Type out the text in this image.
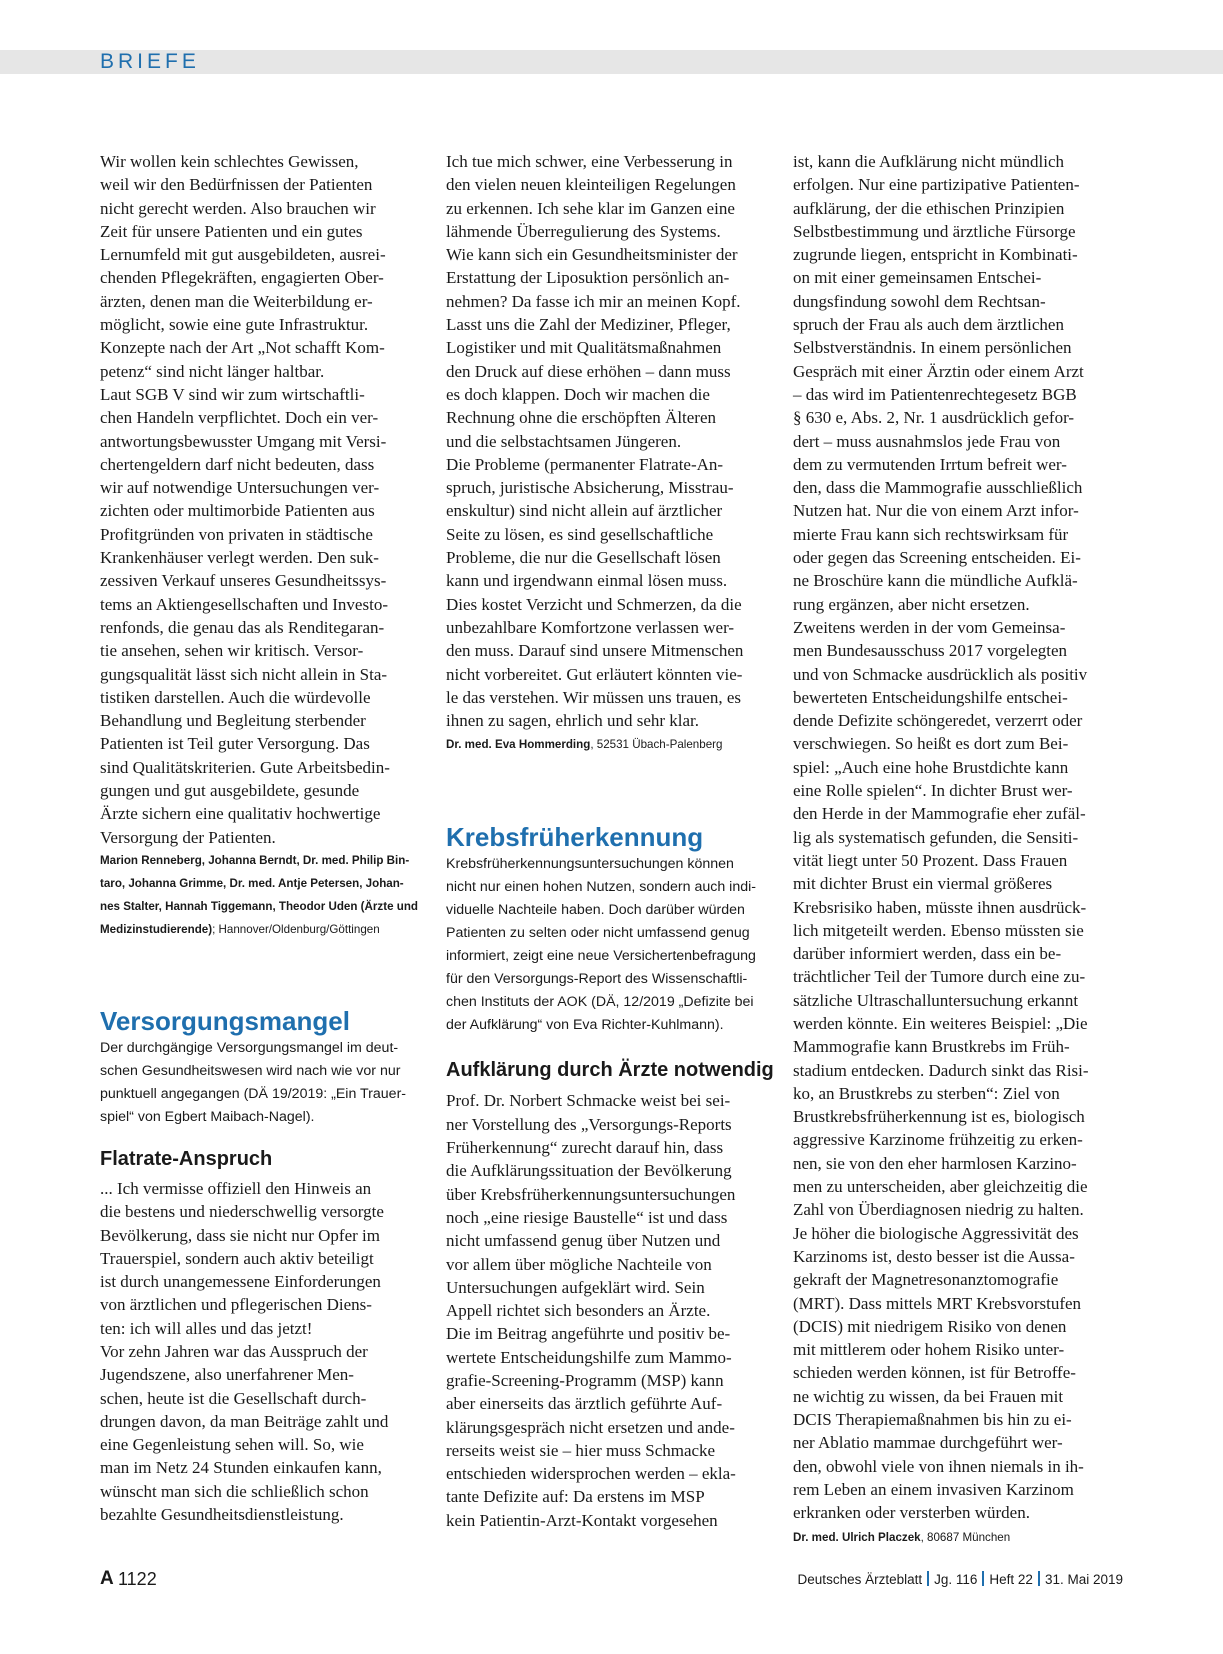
BRIEFE
Wir wollen kein schlechtes Gewissen,
weil wir den Bedürfnissen der Patienten
nicht gerecht werden. Also brauchen wir
Zeit für unsere Patienten und ein gutes
Lernumfeld mit gut ausgebildeten, ausrei-
chenden Pflegekräften, engagierten Ober-
ärzten, denen man die Weiterbildung er-
möglicht, sowie eine gute Infrastruktur.
Konzepte nach der Art „Not schafft Kom-
petenz“ sind nicht länger haltbar.
Laut SGB V sind wir zum wirtschaftli-
chen Handeln verpflichtet. Doch ein ver-
antwortungsbewusster Umgang mit Versi-
chertengeldern darf nicht bedeuten, dass
wir auf notwendige Untersuchungen ver-
zichten oder multimorbide Patienten aus
Profitgründen von privaten in städtische
Krankenhäuser verlegt werden. Den suk-
zessiven Verkauf unseres Gesundheitssys-
tems an Aktiengesellschaften und Investo-
renfonds, die genau das als Renditegaran-
tie ansehen, sehen wir kritisch. Versor-
gungsqualität lässt sich nicht allein in Sta-
tistiken darstellen. Auch die würdevolle
Behandlung und Begleitung sterbender
Patienten ist Teil guter Versorgung. Das
sind Qualitätskriterien. Gute Arbeitsbedin-
gungen und gut ausgebildete, gesunde
Ärzte sichern eine qualitativ hochwertige
Versorgung der Patienten.
Marion Renneberg, Johanna Berndt, Dr. med. Philip Bin-
taro, Johanna Grimme, Dr. med. Antje Petersen, Johan-
nes Stalter, Hannah Tiggemann, Theodor Uden (Ärzte und
Medizinstudierende); Hannover/Oldenburg/Göttingen
Versorgungsmangel
Der durchgängige Versorgungsmangel im deut-
schen Gesundheitswesen wird nach wie vor nur
punktuell angegangen (DÄ 19/2019: „Ein Trauer-
spiel“ von Egbert Maibach-Nagel).
Flatrate-Anspruch
... Ich vermisse offiziell den Hinweis an
die bestens und niederschwellig versorgte
Bevölkerung, dass sie nicht nur Opfer im
Trauerspiel, sondern auch aktiv beteiligt
ist durch unangemessene Einforderungen
von ärztlichen und pflegerischen Diens-
ten: ich will alles und das jetzt!
Vor zehn Jahren war das Ausspruch der
Jugendszene, also unerfahrener Men-
schen, heute ist die Gesellschaft durch-
drungen davon, da man Beiträge zahlt und
eine Gegenleistung sehen will. So, wie
man im Netz 24 Stunden einkaufen kann,
wünscht man sich die schließlich schon
bezahlte Gesundheitsdienstleistung.
Ich tue mich schwer, eine Verbesserung in
den vielen neuen kleinteiligen Regelungen
zu erkennen. Ich sehe klar im Ganzen eine
lähmende Überregulierung des Systems.
Wie kann sich ein Gesundheitsminister der
Erstattung der Liposuktion persönlich an-
nehmen? Da fasse ich mir an meinen Kopf.
Lasst uns die Zahl der Mediziner, Pfleger,
Logistiker und mit Qualitätsmaßnahmen
den Druck auf diese erhöhen – dann muss
es doch klappen. Doch wir machen die
Rechnung ohne die erschöpften Älteren
und die selbstachtsamen Jüngeren.
Die Probleme (permanenter Flatrate-An-
spruch, juristische Absicherung, Misstrau-
enskultur) sind nicht allein auf ärztlicher
Seite zu lösen, es sind gesellschaftliche
Probleme, die nur die Gesellschaft lösen
kann und irgendwann einmal lösen muss.
Dies kostet Verzicht und Schmerzen, da die
unbezahlbare Komfortzone verlassen wer-
den muss. Darauf sind unsere Mitmenschen
nicht vorbereitet. Gut erläutert könnten vie-
le das verstehen. Wir müssen uns trauen, es
ihnen zu sagen, ehrlich und sehr klar.
Dr. med. Eva Hommerding, 52531 Übach-Palenberg
Krebsfrüherkennung
Krebsfrüherkennungsuntersuchungen können
nicht nur einen hohen Nutzen, sondern auch indi-
viduelle Nachteile haben. Doch darüber würden
Patienten zu selten oder nicht umfassend genug
informiert, zeigt eine neue Versichertenbefragung
für den Versorgungs-Report des Wissenschaftli-
chen Instituts der AOK (DÄ, 12/2019 „Defizite bei
der Aufklärung“ von Eva Richter-Kuhlmann).
Aufklärung durch Ärzte notwendig
Prof. Dr. Norbert Schmacke weist bei sei-
ner Vorstellung des „Versorgungs-Reports
Früherkennung“ zurecht darauf hin, dass
die Aufklärungssituation der Bevölkerung
über Krebsfrüherkennungsuntersuchungen
noch „eine riesige Baustelle“ ist und dass
nicht umfassend genug über Nutzen und
vor allem über mögliche Nachteile von
Untersuchungen aufgeklärt wird. Sein
Appell richtet sich besonders an Ärzte.
Die im Beitrag angeführte und positiv be-
wertete Entscheidungshilfe zum Mammo-
grafie-Screening-Programm (MSP) kann
aber einerseits das ärztlich geführte Auf-
klärungsgespräch nicht ersetzen und ande-
rerseits weist sie – hier muss Schmacke
entschieden widersprochen werden – ekla-
tante Defizite auf: Da erstens im MSP
kein Patientin-Arzt-Kontakt vorgesehen
ist, kann die Aufklärung nicht mündlich
erfolgen. Nur eine partizipative Patienten-
aufklärung, der die ethischen Prinzipien
Selbstbestimmung und ärztliche Fürsorge
zugrunde liegen, entspricht in Kombinati-
on mit einer gemeinsamen Entschei-
dungsfindung sowohl dem Rechtsan-
spruch der Frau als auch dem ärztlichen
Selbstverständnis. In einem persönlichen
Gespräch mit einer Ärztin oder einem Arzt
– das wird im Patientenrechtegesetz BGB
§ 630 e, Abs. 2, Nr. 1 ausdrücklich gefor-
dert – muss ausnahmslos jede Frau von
dem zu vermutenden Irrtum befreit wer-
den, dass die Mammografie ausschließlich
Nutzen hat. Nur die von einem Arzt infor-
mierte Frau kann sich rechtswirksam für
oder gegen das Screening entscheiden. Ei-
ne Broschüre kann die mündliche Aufklä-
rung ergänzen, aber nicht ersetzen.
Zweitens werden in der vom Gemeinsa-
men Bundesausschuss 2017 vorgelegten
und von Schmacke ausdrücklich als positiv
bewerteten Entscheidungshilfe entschei-
dende Defizite schöngeredet, verzerrt oder
verschwiegen. So heißt es dort zum Bei-
spiel: „Auch eine hohe Brustdichte kann
eine Rolle spielen“. In dichter Brust wer-
den Herde in der Mammografie eher zufäl-
lig als systematisch gefunden, die Sensiti-
vität liegt unter 50 Prozent. Dass Frauen
mit dichter Brust ein viermal größeres
Krebsrisiko haben, müsste ihnen ausdrück-
lich mitgeteilt werden. Ebenso müssten sie
darüber informiert werden, dass ein be-
trächtlicher Teil der Tumore durch eine zu-
sätzliche Ultraschalluntersuchung erkannt
werden könnte. Ein weiteres Beispiel: „Die
Mammografie kann Brustkrebs im Früh-
stadium entdecken. Dadurch sinkt das Risi-
ko, an Brustkrebs zu sterben“: Ziel von
Brustkrebsfrüherkennung ist es, biologisch
aggressive Karzinome frühzeitig zu erken-
nen, sie von den eher harmlosen Karzino-
men zu unterscheiden, aber gleichzeitig die
Zahl von Überdiagnosen niedrig zu halten.
Je höher die biologische Aggressivität des
Karzinoms ist, desto besser ist die Aussa-
gekraft der Magnetresonanztomografie
(MRT). Dass mittels MRT Krebsvorstufen
(DCIS) mit niedrigem Risiko von denen
mit mittlerem oder hohem Risiko unter-
schieden werden können, ist für Betroffe-
ne wichtig zu wissen, da bei Frauen mit
DCIS Therapiemaßnahmen bis hin zu ei-
ner Ablatio mammae durchgeführt wer-
den, obwohl viele von ihnen niemals in ih-
rem Leben an einem invasiven Karzinom
erkranken oder versterben würden.
Dr. med. Ulrich Placzek, 80687 München
A 1122	Deutsches Ärzteblatt Jg. 116 Heft 22 31. Mai 2019
